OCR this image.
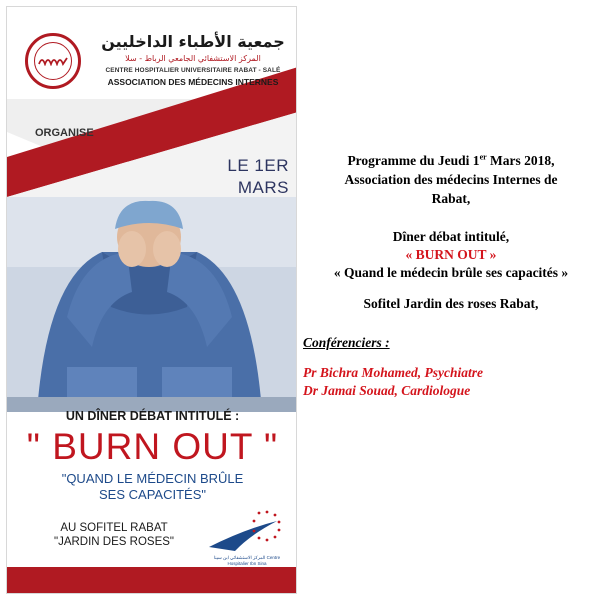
جمعية الأطباء الداخليين
المركز الاستشفائي الجامعي الرباط - سلا
CENTRE HOSPITALIER UNIVERSITAIRE RABAT - SALÉ
ASSOCIATION DES MÉDECINS INTERNES
ORGANISE
LE 1ER MARS
UN DÎNER DÉBAT INTITULÉ :
" BURN OUT "
"QUAND LE MÉDECIN BRÛLE
SES CAPACITÉS"
AU SOFITEL RABAT
"JARDIN DES ROSES"
المركز الاستشفائي ابن سينا Centre Hospitalier Ibn Sina
Programme du Jeudi 1er Mars 2018,
Association des médecins Internes de
Rabat,
Dîner débat intitulé,
« BURN OUT »
« Quand le médecin brûle ses capacités »
Sofitel Jardin des roses Rabat,
Conférenciers :
Pr Bichra Mohamed, Psychiatre
Dr Jamai Souad, Cardiologue
